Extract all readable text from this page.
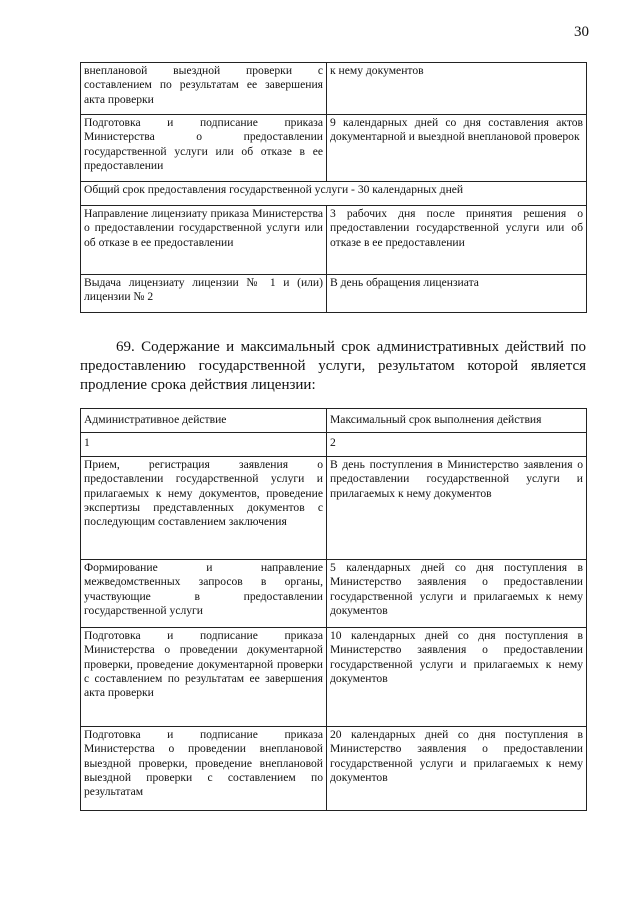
30
внеплановой выездной проверки с составлением по результатам ее завершения акта проверки	к нему документов
Подготовка и подписание приказа Министерства о предоставлении государственной услуги или об отказе в ее предоставлении	9 календарных дней со дня составления актов документарной и выездной внеплановой проверок
Общий срок предоставления государственной услуги - 30 календарных дней	
Направление лицензиату приказа Министерства о предоставлении государственной услуги или об отказе в ее предоставлении	3 рабочих дня после принятия решения о предоставлении государственной услуги или об отказе в ее предоставлении
Выдача лицензиату лицензии № 1 и (или) лицензии № 2	В день обращения лицензиата

69. Содержание и максимальный срок административных действий по предоставлению государственной услуги, результатом которой является продление срока действия лицензии:

Административное действие	Максимальный срок выполнения действия
1	2
Прием, регистрация заявления о предоставлении государственной услуги и прилагаемых к нему документов, проведение экспертизы представленных документов с последующим составлением заключения	В день поступления в Министерство заявления о предоставлении государственной услуги и прилагаемых к нему документов
Формирование и направление межведомственных запросов в органы, участвующие в предоставлении государственной услуги	5 календарных дней со дня поступления в Министерство заявления о предоставлении государственной услуги и прилагаемых к нему документов
Подготовка и подписание приказа Министерства о проведении документарной проверки, проведение документарной проверки с составлением по результатам ее завершения акта проверки	10 календарных дней со дня поступления в Министерство заявления о предоставлении государственной услуги и прилагаемых к нему документов
Подготовка и подписание приказа Министерства о проведении внеплановой выездной проверки, проведение внеплановой выездной проверки с составлением по результатам	20 календарных дней со дня поступления в Министерство заявления о предоставлении государственной услуги и прилагаемых к нему документов
